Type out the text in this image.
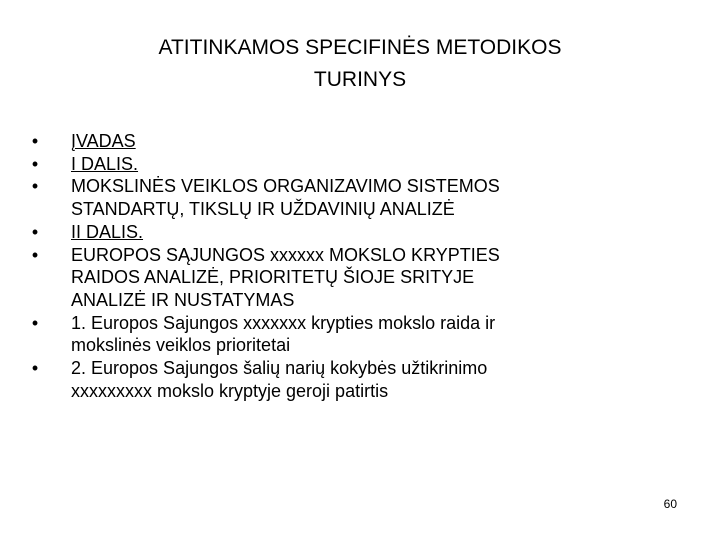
ATITINKAMOS SPECIFINĖS METODIKOS
TURINYS
• ĮVADAS
• I DALIS.
• MOKSLINĖS VEIKLOS ORGANIZAVIMO SISTEMOS
STANDARTŲ, TIKSLŲ IR UŽDAVINIŲ ANALIZĖ
• II DALIS.
• EUROPOS SĄJUNGOS xxxxxx MOKSLO KRYPTIES
RAIDOS ANALIZĖ, PRIORITETŲ ŠIOJE SRITYJE
ANALIZĖ IR NUSTATYMAS
• 1. Europos Sajungos xxxxxxx krypties mokslo raida ir
mokslinės veiklos prioritetai
• 2. Europos Sajungos šalių narių kokybės užtikrinimo
xxxxxxxxx mokslo kryptyje geroji patirtis
60
